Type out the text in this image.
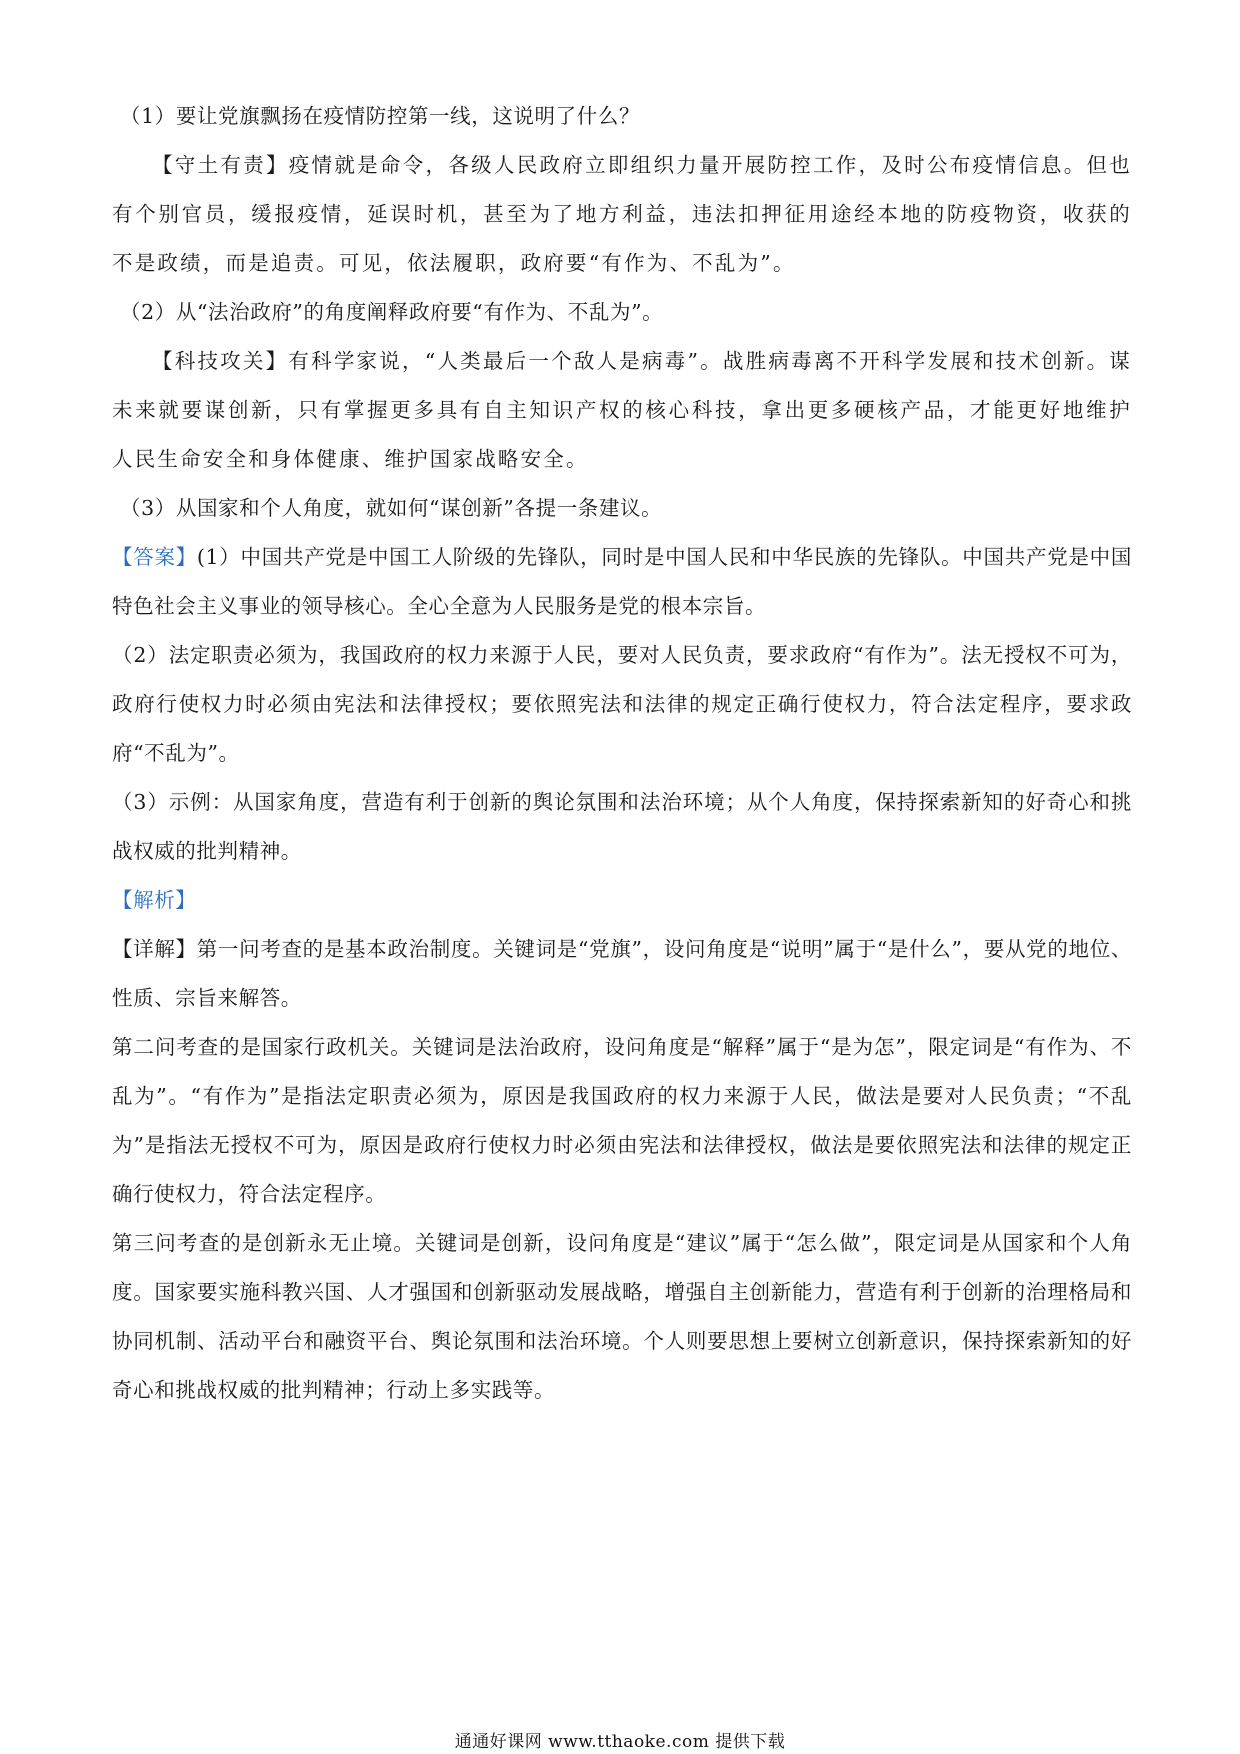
（1）要让党旗飘扬在疫情防控第一线，这说明了什么？

【守土有责】疫情就是命令，各级人民政府立即组织力量开展防控工作，及时公布疫情信息。但也有个别官员，缓报疫情，延误时机，甚至为了地方利益，违法扣押征用途经本地的防疫物资，收获的不是政绩，而是追责。可见，依法履职，政府要“有作为、不乱为”。

（2）从“法治政府”的角度阐释政府要“有作为、不乱为”。

【科技攻关】有科学家说，“人类最后一个敌人是病毒”。战胜病毒离不开科学发展和技术创新。谋未来就要谋创新，只有掌握更多具有自主知识产权的核心科技，拿出更多硬核产品，才能更好地维护人民生命安全和身体健康、维护国家战略安全。

（3）从国家和个人角度，就如何“谋创新”各提一条建议。

【答案】(1）中国共产党是中国工人阶级的先锋队，同时是中国人民和中华民族的先锋队。中国共产党是中国特色社会主义事业的领导核心。全心全意为人民服务是党的根本宗旨。

（2）法定职责必须为，我国政府的权力来源于人民，要对人民负责，要求政府“有作为”。法无授权不可为，政府行使权力时必须由宪法和法律授权；要依照宪法和法律的规定正确行使权力，符合法定程序，要求政府“不乱为”。

（3）示例：从国家角度，营造有利于创新的舆论氛围和法治环境；从个人角度，保持探索新知的好奇心和挑战权威的批判精神。

【解析】

【详解】第一问考查的是基本政治制度。关键词是“党旗”，设问角度是“说明”属于“是什么”，要从党的地位、性质、宗旨来解答。

第二问考查的是国家行政机关。关键词是法治政府，设问角度是“解释”属于“是为怎”，限定词是“有作为、不乱为”。“有作为”是指法定职责必须为，原因是我国政府的权力来源于人民，做法是要对人民负责；“不乱为”是指法无授权不可为，原因是政府行使权力时必须由宪法和法律授权，做法是要依照宪法和法律的规定正确行使权力，符合法定程序。

第三问考查的是创新永无止境。关键词是创新，设问角度是“建议”属于“怎么做”，限定词是从国家和个人角度。国家要实施科教兴国、人才强国和创新驱动发展战略，增强自主创新能力，营造有利于创新的治理格局和协同机制、活动平台和融资平台、舆论氛围和法治环境。个人则要思想上要树立创新意识，保持探索新知的好奇心和挑战权威的批判精神；行动上多实践等。

通通好课网 www.tthaoke.com 提供下载
